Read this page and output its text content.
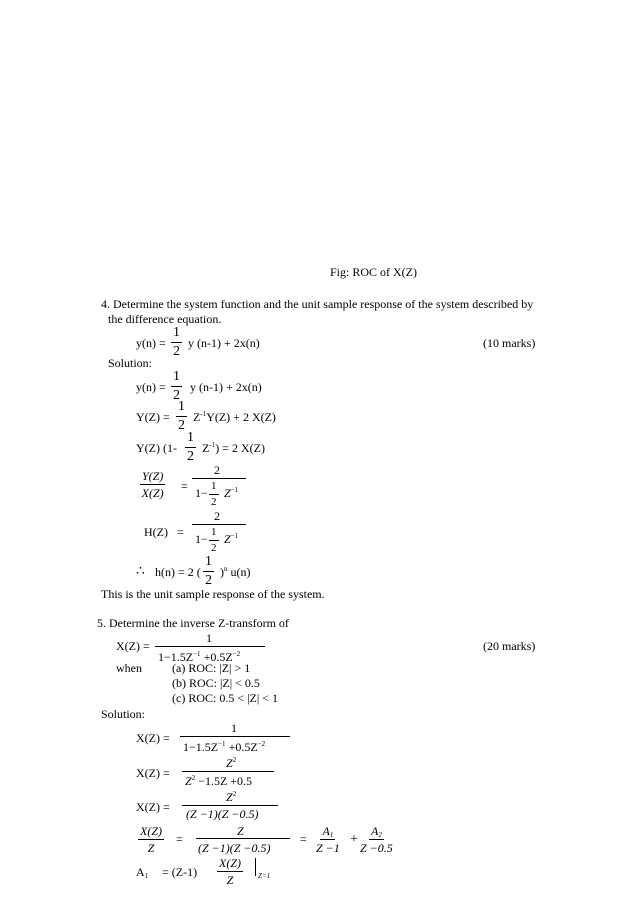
Fig: ROC of X(Z)
4. Determine the system function and the unit sample response of the system described by
the difference equation.
$y(n) = \frac{1}{2}$ y (n-1) + 2x(n)	(10 marks)
Solution:
$y(n) = \frac{1}{2}$ y (n-1) + 2x(n)
$Y(Z) = \frac{1}{2} Z^{-1}Y(Z) + 2$ X(Z)
Y(Z) $(1- \frac{1}{2} Z^{-1}) = 2$ X(Z)
$\frac{Y(Z)}{X(Z)}$ =
2
$1- \frac{1}{2} Z^{-1}$
H(Z) =
2
$1- \frac{1}{2} Z^{-1}$
∴ h(n) = 2 ( $\frac{1}{2} )^n$ u(n)
This is the unit sample response of the system.
5. Determine the inverse Z-transform of
X(Z) =
1
$1-1.5Z^{-1} +0.5Z^{-2}$
(20 marks)
when	(a) ROC: |Z| > 1
(b) ROC: |Z| < 0.5
(c) ROC: 0.5 < |Z| < 1
Solution:
X(Z) =
1
$1-1.5Z^{-1} +0.5Z^{-2}$
X(Z) =
$Z^2$
$Z^2 -1.5Z +0.5$
X(Z) =
$Z^2$
(Z −1)(Z −0.5)
$\frac{X(Z)}{Z}$ =
Z
(Z −1)(Z −0.5)
= $\frac{A_1}{Z -1} + \frac{A_2}{Z -0.5}$
$A_1 = (Z-1) \frac{X(Z)}{Z} Z=1$
